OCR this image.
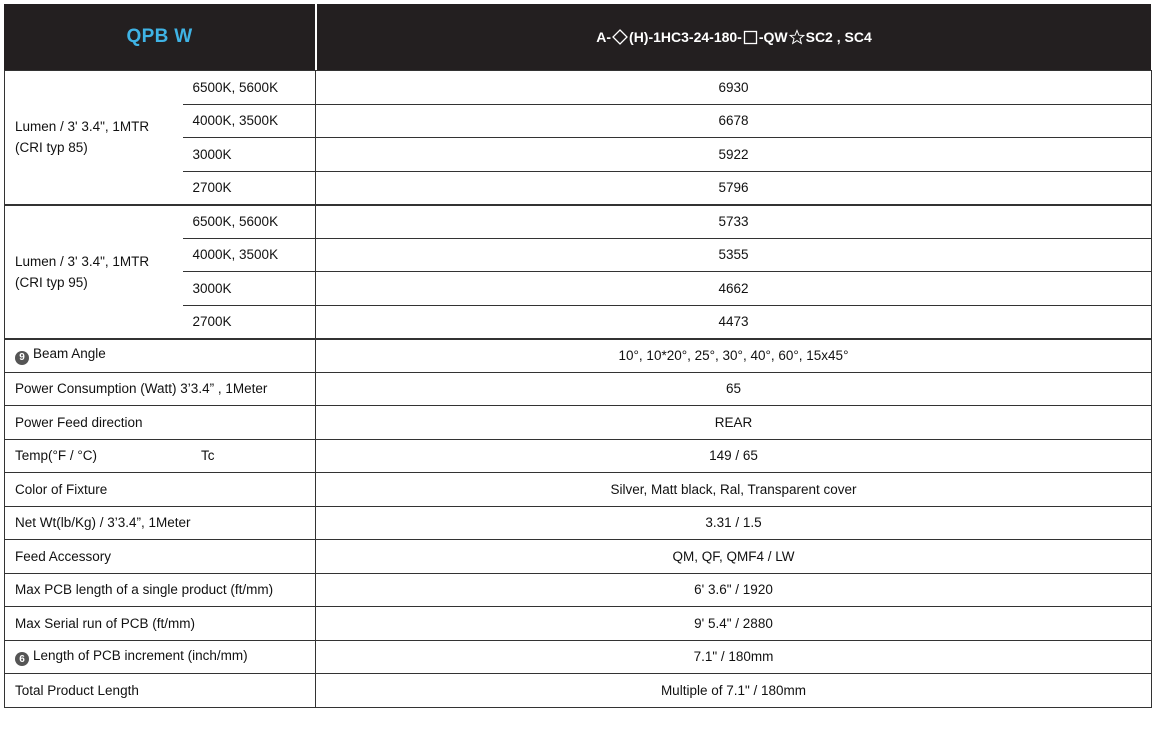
QPB W	A- (H)-1HC3-24-180- -QW SC2 , SC4
Lumen / 3' 3.4", 1MTR
(CRI typ 85)	6500K, 5600K	6930
	4000K, 3500K	6678
	3000K	5922
	2700K	5796

Lumen / 3' 3.4", 1MTR
(CRI typ 95)	6500K, 5600K	5733
	4000K, 3500K	5355
	3000K	4662
	2700K	4473
9 Beam Angle		10°, 10*20°, 25°, 30°, 40°, 60°, 15x45°
Power Consumption (Watt) 3’3.4” , 1Meter		65
Power Feed direction		REAR
Temp(°F / °C) Tc		149 / 65
Color of Fixture		Silver, Matt black, Ral, Transparent cover
Net Wt(lb/Kg) / 3’3.4”, 1Meter		3.31 / 1.5
Feed Accessory		QM, QF, QMF4 / LW
Max PCB length of a single product (ft/mm)		6' 3.6" / 1920
Max Serial run of PCB (ft/mm)		9' 5.4" / 2880
6 Length of PCB increment (inch/mm)		7.1" / 180mm
Total Product Length		Multiple of 7.1" / 180mm
